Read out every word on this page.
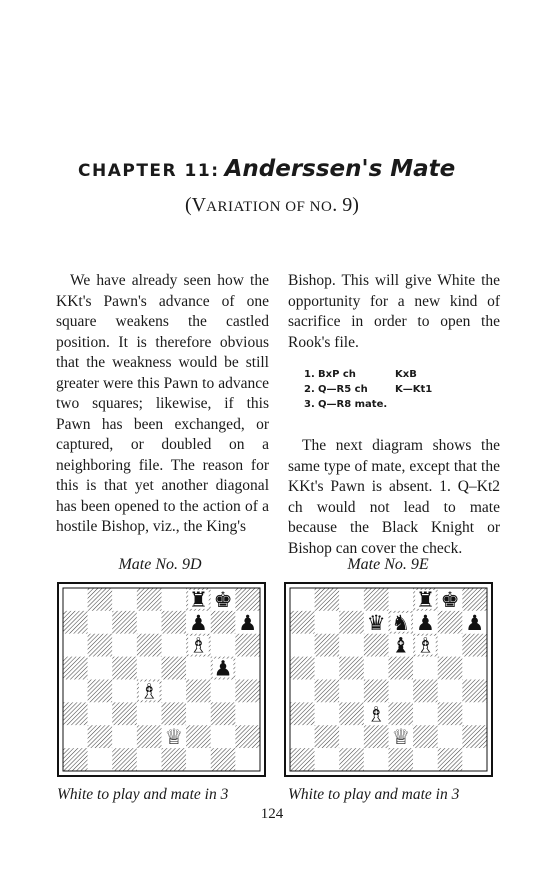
CHAPTER 11: Anderssen's Mate
(VARIATION OF NO. 9)

We have already seen how the KKt's Pawn's advance of one square weakens the castled position. It is therefore obvious that the weakness would be still greater were this Pawn to advance two squares; likewise, if this Pawn has been exchanged, or captured, or doubled on a neighboring file. The reason for this is that yet another diagonal has been opened to the action of a hostile Bishop, viz., the King's

Bishop. This will give White the opportunity for a new kind of sacrifice in order to open the Rook's file.

The next diagram shows the same type of mate, except that the KKt's Pawn is absent. 1. Q–Kt2 ch would not lead to mate because the Black Knight or Bishop can cover the check.

1. BxP ch	KxB
2. Q—R5 ch	K—Kt1
3. Q—R8 mate.
Mate No. 9D	Mate No. 9E
♜ ♚
♟ ♟
♗
♟
♗
♕
♜ ♚
♛ ♞ ♟ ♟
♝ ♗
♗
♕
White to play and mate in 3	White to play and mate in 3
124
